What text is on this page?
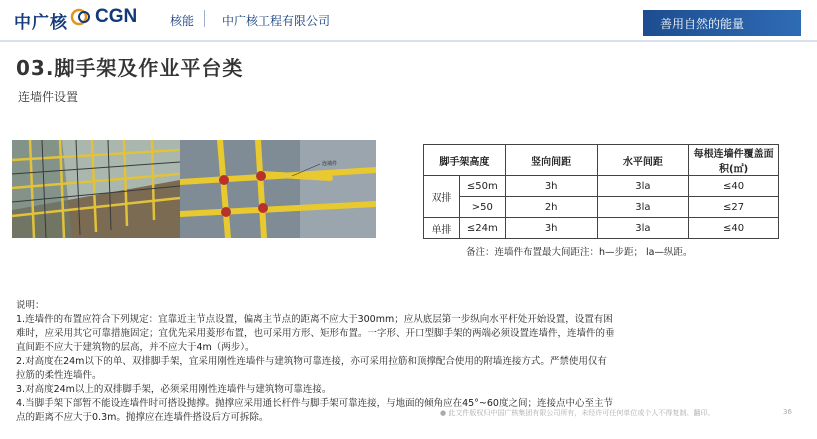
中广核 CGN	核能 中广核工程有限公司	善用自然的能量
03.脚手架及作业平台类
连墙件设置
连墙件	脚手架高度		竖向间距	水平间距	每根连墙件覆盖面积(㎡)
双排	≤50m	3h	3la	≤40
	>50	2h	3la	≤27
单排	≤24m	3h	3la	≤40
备注：连墙件布置最大间距注：h—步距； la—纵距。
说明：
1.连墙件的布置应符合下列规定：宜靠近主节点设置，偏离主节点的距离不应大于300mm；应从底层第一步纵向水平杆处开始设置，设置有困
难时，应采用其它可靠措施固定；宜优先采用菱形布置，也可采用方形、矩形布置。一字形、开口型脚手架的两端必须设置连墙件，连墙件的垂
直间距不应大于建筑物的层高，并不应大于4m（两步）。
2.对高度在24m以下的单、双排脚手架，宜采用刚性连墙件与建筑物可靠连接，亦可采用拉筋和顶撑配合使用的附墙连接方式。严禁使用仅有
拉筋的柔性连墙件。
3.对高度24m以上的双排脚手架，必须采用刚性连墙件与建筑物可靠连接。
4.当脚手架下部暂不能设连墙件时可搭设抛撑。抛撑应采用通长杆件与脚手架可靠连接，与地面的倾角应在45°~60度之间；连接点中心至主节
点的距离不应大于0.3m。抛撑应在连墙件搭设后方可拆除。	● 此文件版权归中国广核集团有限公司所有，未经许可任何单位或个人不得复制、翻印。	36
